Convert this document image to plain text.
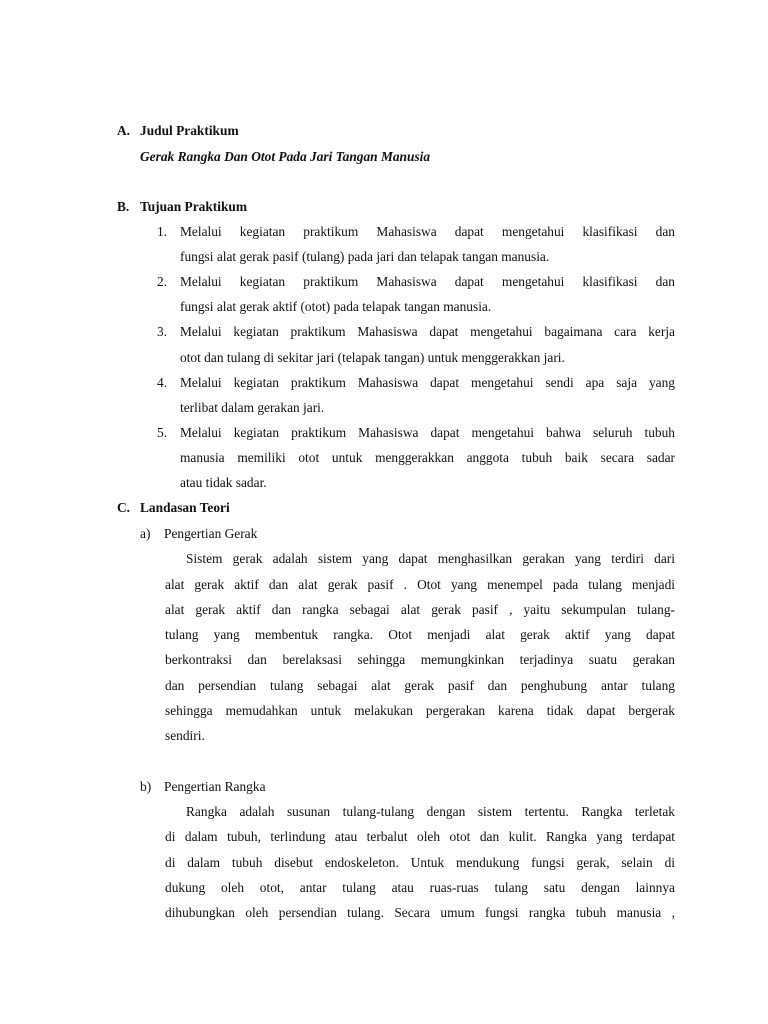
A. Judul Praktikum
Gerak Rangka Dan Otot Pada Jari Tangan Manusia
B. Tujuan Praktikum
1. Melalui kegiatan praktikum Mahasiswa dapat mengetahui klasifikasi dan
fungsi alat gerak pasif (tulang) pada jari dan telapak tangan manusia.
2. Melalui kegiatan praktikum Mahasiswa dapat mengetahui klasifikasi dan
fungsi alat gerak aktif (otot) pada telapak tangan manusia.
3. Melalui kegiatan praktikum Mahasiswa dapat mengetahui bagaimana cara kerja
otot dan tulang di sekitar jari (telapak tangan) untuk menggerakkan jari.
4. Melalui kegiatan praktikum Mahasiswa dapat mengetahui sendi apa saja yang
terlibat dalam gerakan jari.
5. Melalui kegiatan praktikum Mahasiswa dapat mengetahui bahwa seluruh tubuh
manusia memiliki otot untuk menggerakkan anggota tubuh baik secara sadar
atau tidak sadar.
C. Landasan Teori
a) Pengertian Gerak
Sistem gerak adalah sistem yang dapat menghasilkan gerakan yang terdiri dari
alat gerak aktif dan alat gerak pasif . Otot yang menempel pada tulang menjadi
alat gerak aktif dan rangka sebagai alat gerak pasif , yaitu sekumpulan tulang-
tulang yang membentuk rangka. Otot menjadi alat gerak aktif yang dapat
berkontraksi dan berelaksasi sehingga memungkinkan terjadinya suatu gerakan
dan persendian tulang sebagai alat gerak pasif dan penghubung antar tulang
sehingga memudahkan untuk melakukan pergerakan karena tidak dapat bergerak
sendiri.
b) Pengertian Rangka
Rangka adalah susunan tulang-tulang dengan sistem tertentu. Rangka terletak
di dalam tubuh, terlindung atau terbalut oleh otot dan kulit. Rangka yang terdapat
di dalam tubuh disebut endoskeleton. Untuk mendukung fungsi gerak, selain di
dukung oleh otot, antar tulang atau ruas-ruas tulang satu dengan lainnya
dihubungkan oleh persendian tulang. Secara umum fungsi rangka tubuh manusia ,
